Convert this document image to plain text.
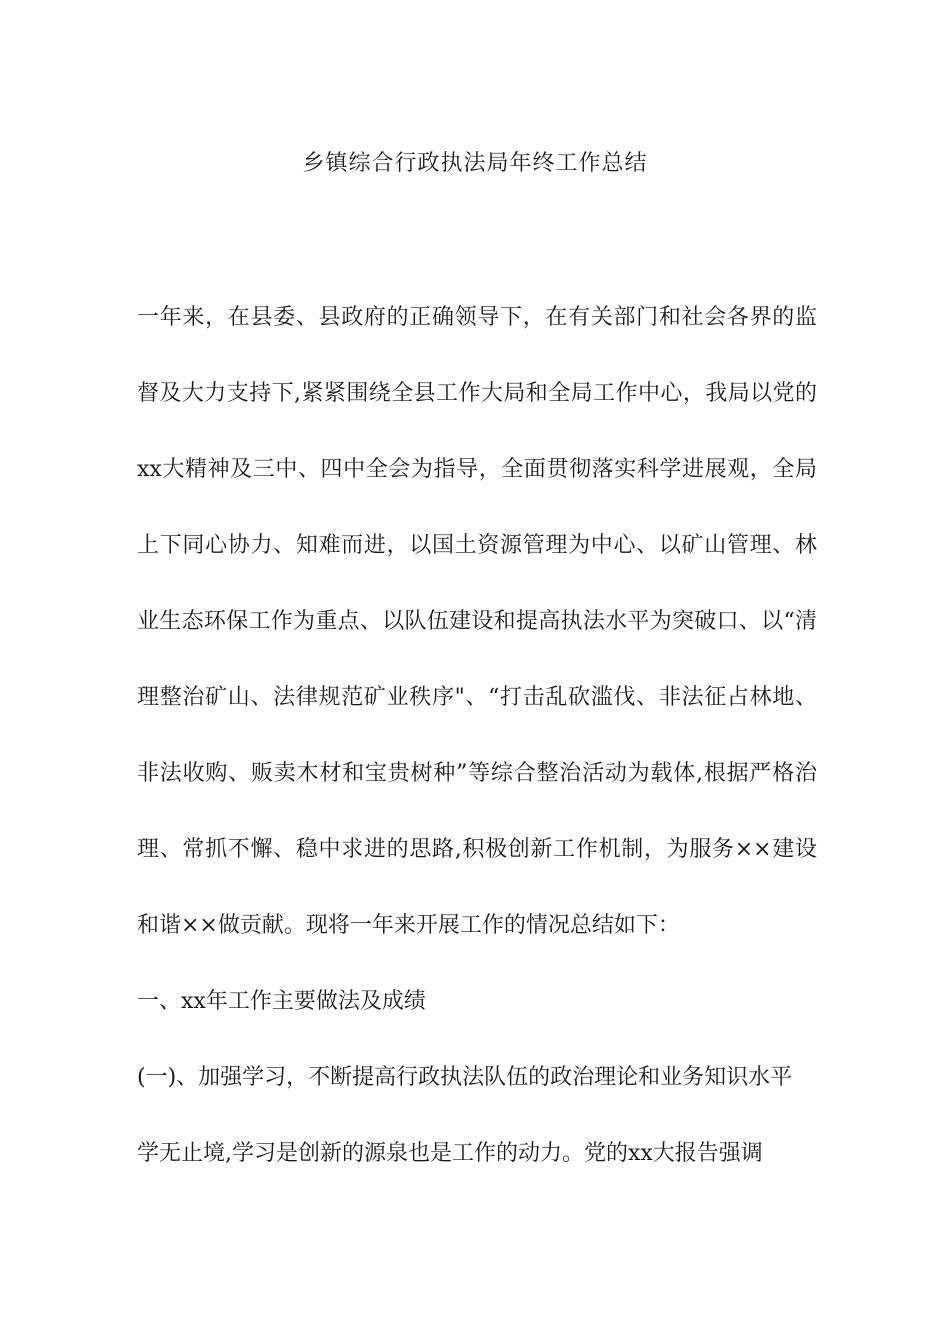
乡镇综合行政执法局年终工作总结

一年来，在县委、县政府的正确领导下，在有关部门和社会各界的监督及大力支持下,紧紧围绕全县工作大局和全局工作中心，我局以党的xx大精神及三中、四中全会为指导，全面贯彻落实科学进展观，全局上下同心协力、知难而进，以国土资源管理为中心、以矿山管理、林业生态环保工作为重点、以队伍建设和提高执法水平为突破口、以“清理整治矿山、法律规范矿业秩序"、“打击乱砍滥伐、非法征占林地、非法收购、贩卖木材和宝贵树种”等综合整治活动为载体,根据严格治理、常抓不懈、稳中求进的思路,积极创新工作机制，为服务××建设和谐××做贡献。现将一年来开展工作的情况总结如下：

一、xx年工作主要做法及成绩

(一)、加强学习，不断提高行政执法队伍的政治理论和业务知识水平

学无止境,学习是创新的源泉也是工作的动力。党的xx大报告强调
